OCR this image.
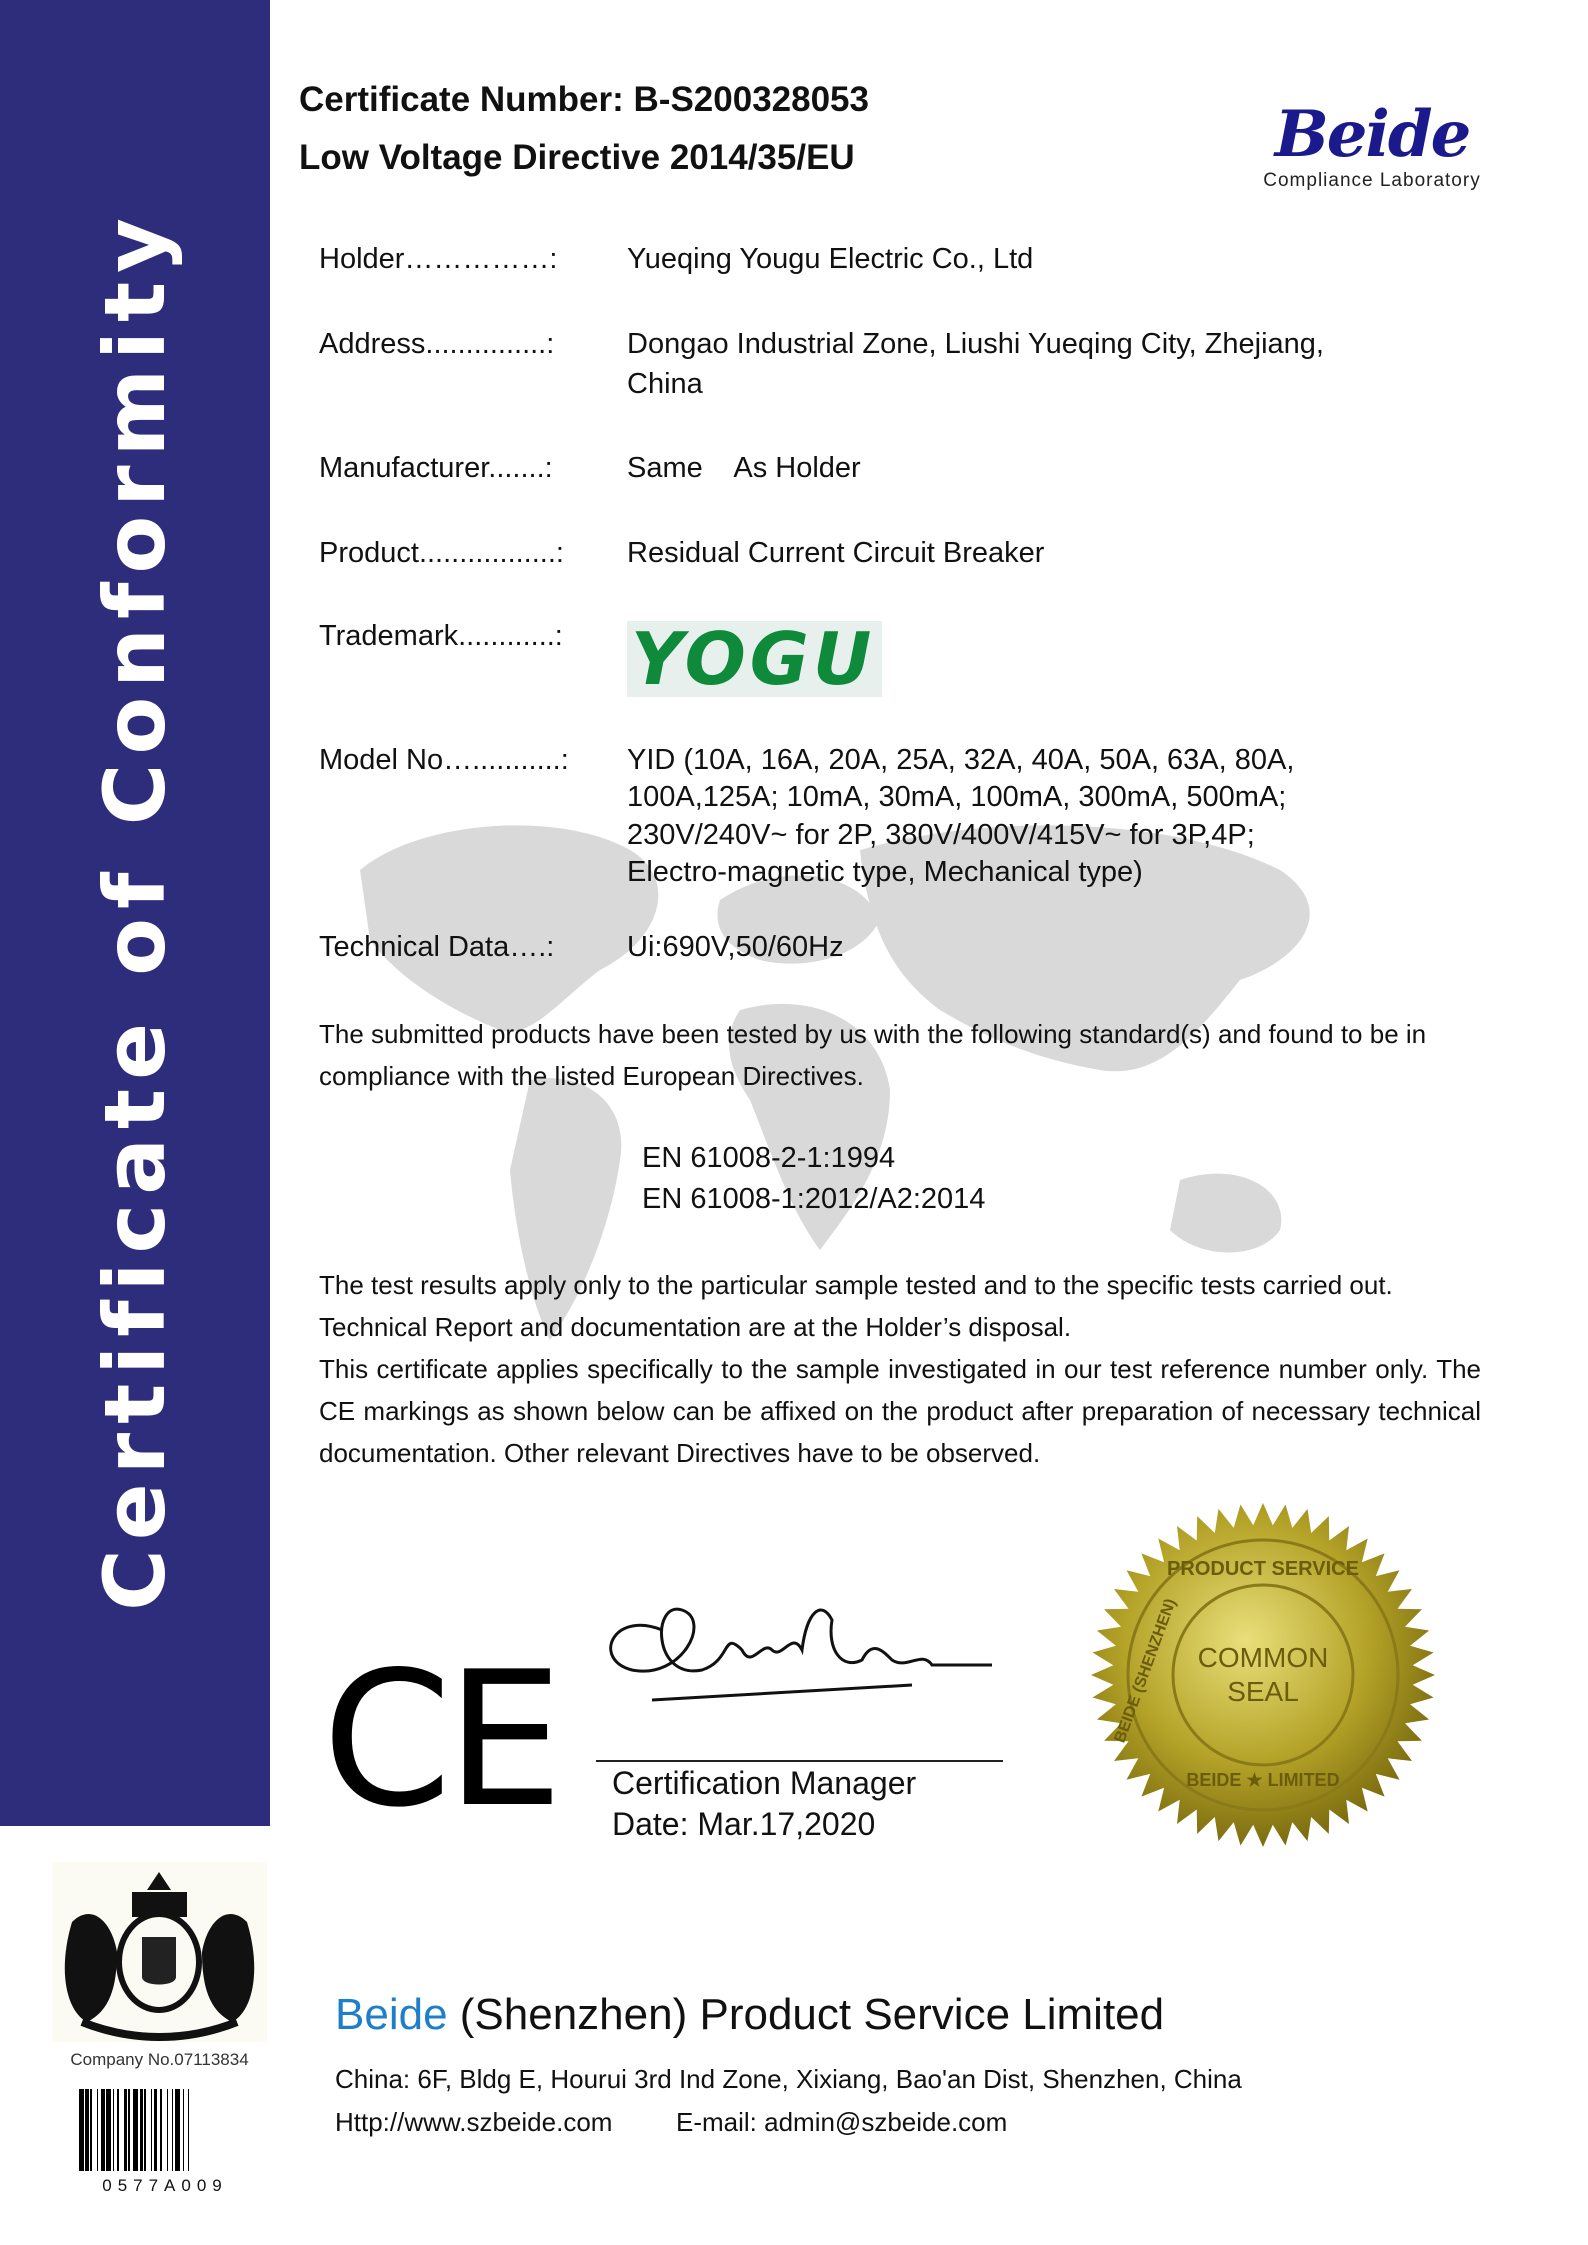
Certificate of Conformity
Certificate Number: B-S200328053
Low Voltage Directive 2014/35/EU	Beide
Compliance Laboratory
Holder……………: Yueqing Yougu Electric Co., Ltd
Address...............:	Dongao Industrial Zone, Liushi Yueqing City, Zhejiang,
China
Manufacturer.......:	Same    As Holder
Product.................: Residual Current Circuit Breaker
Trademark............: YOGU
Model No…...........: YID (10A, 16A, 20A, 25A, 32A, 40A, 50A, 63A, 80A,
100A,125A; 10mA, 30mA, 100mA, 300mA, 500mA;
230V/240V~ for 2P, 380V/400V/415V~ for 3P,4P;
Electro-magnetic type, Mechanical type)
Technical Data….:	Ui:690V,50/60Hz
The submitted products have been tested by us with the following standard(s) and found to be in compliance with the listed European Directives.
EN 61008-2-1:1994
EN 61008-1:2012/A2:2014
The test results apply only to the particular sample tested and to the specific tests carried out.
Technical Report and documentation are at the Holder’s disposal.
This certificate applies specifically to the sample investigated in our test reference number only. The CE markings as shown below can be affixed on the product after preparation of necessary technical documentation. Other relevant Directives have to be observed.
CE Certification Manager
Date: Mar.17,2020
COMMON
SEAL
PRODUCT SERVICE
BEIDE (SHENZHEN)
BEIDE ★ LIMITED
Company No.07113834
0577A009
Beide (Shenzhen) Product Service Limited
China: 6F, Bldg E, Hourui 3rd Ind Zone, Xixiang, Bao'an Dist, Shenzhen, China
Http://www.szbeide.com E-mail: admin@szbeide.com
